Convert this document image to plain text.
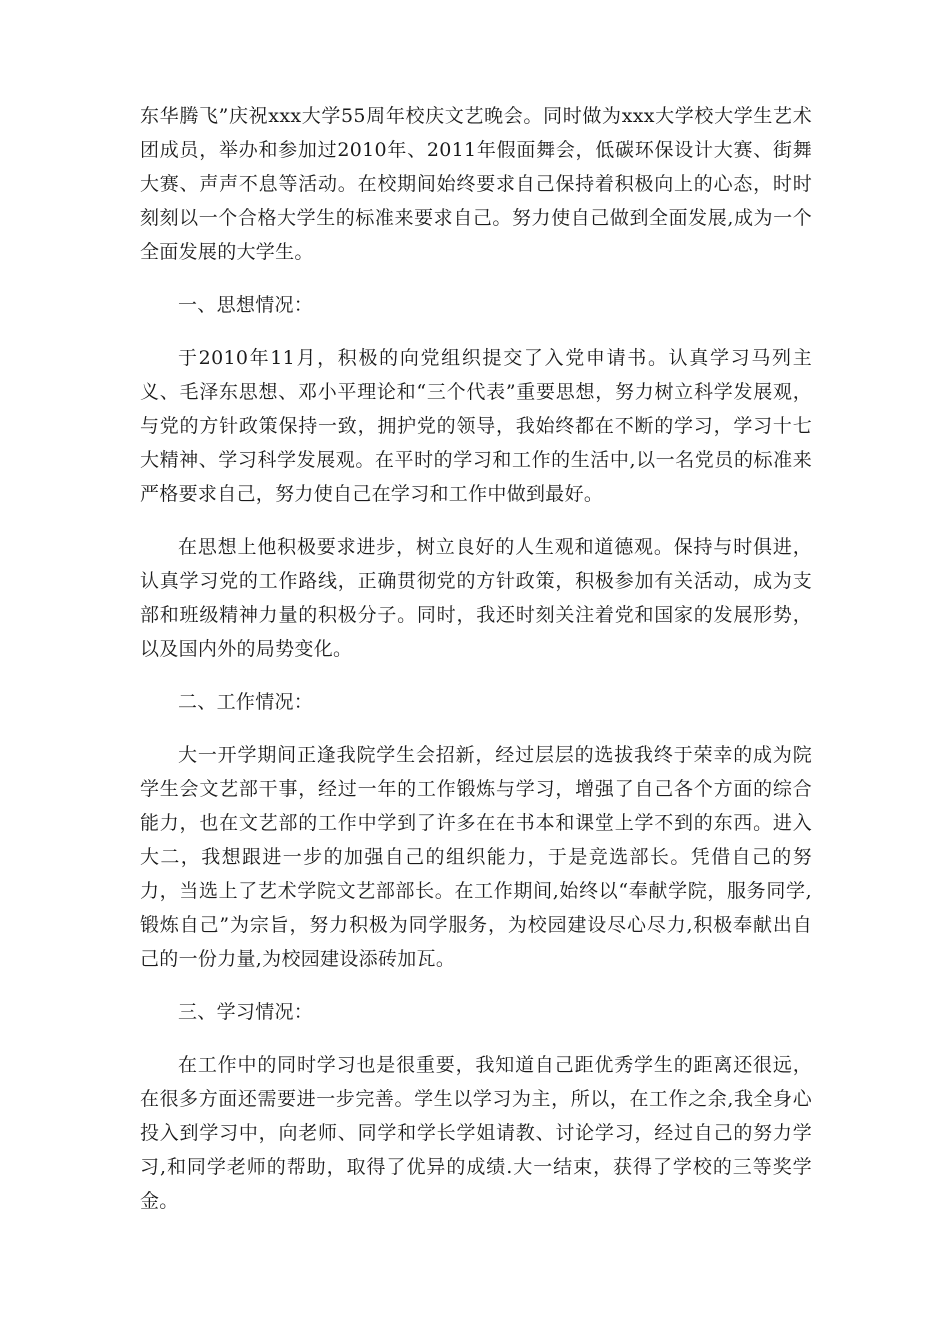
东华腾飞”庆祝xxx大学55周年校庆文艺晚会。同时做为xxx大学校大学生艺术团成员，举办和参加过2010年、2011年假面舞会，低碳环保设计大赛、街舞大赛、声声不息等活动。在校期间始终要求自己保持着积极向上的心态，时时刻刻以一个合格大学生的标准来要求自己。努力使自己做到全面发展,成为一个全面发展的大学生。

一、思想情况：

于2010年11月，积极的向党组织提交了入党申请书。认真学习马列主义、毛泽东思想、邓小平理论和“三个代表”重要思想，努力树立科学发展观，与党的方针政策保持一致，拥护党的领导，我始终都在不断的学习，学习十七大精神、学习科学发展观。在平时的学习和工作的生活中,以一名党员的标准来严格要求自己，努力使自己在学习和工作中做到最好。

在思想上他积极要求进步，树立良好的人生观和道德观。保持与时俱进，认真学习党的工作路线，正确贯彻党的方针政策，积极参加有关活动，成为支部和班级精神力量的积极分子。同时，我还时刻关注着党和国家的发展形势，以及国内外的局势变化。

二、工作情况：

大一开学期间正逢我院学生会招新，经过层层的选拔我终于荣幸的成为院学生会文艺部干事，经过一年的工作锻炼与学习，增强了自己各个方面的综合能力，也在文艺部的工作中学到了许多在在书本和课堂上学不到的东西。进入大二，我想跟进一步的加强自己的组织能力，于是竞选部长。凭借自己的努力，当选上了艺术学院文艺部部长。在工作期间,始终以“奉献学院，服务同学,锻炼自己”为宗旨，努力积极为同学服务，为校园建设尽心尽力,积极奉献出自己的一份力量,为校园建设添砖加瓦。

三、学习情况：

在工作中的同时学习也是很重要，我知道自己距优秀学生的距离还很远，在很多方面还需要进一步完善。学生以学习为主，所以，在工作之余,我全身心投入到学习中，向老师、同学和学长学姐请教、讨论学习，经过自己的努力学习,和同学老师的帮助，取得了优异的成绩.大一结束，获得了学校的三等奖学金。
